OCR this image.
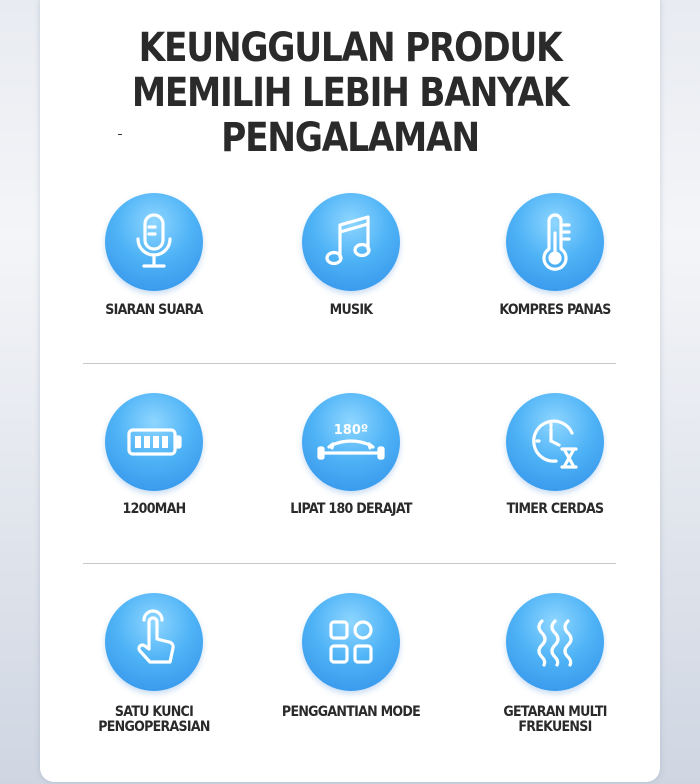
KEUNGGULAN PRODUK
MEMILIH LEBIH BANYAK
PENGALAMAN
SIARAN SUARA	MUSIK	KOMPRES PANAS
1200MAH
180º
LIPAT 180 DERAJAT	TIMER CERDAS
SATU KUNCI
PENGOPERASIAN
PENGGANTIAN MODE	GETARAN MULTI
FREKUENSI
